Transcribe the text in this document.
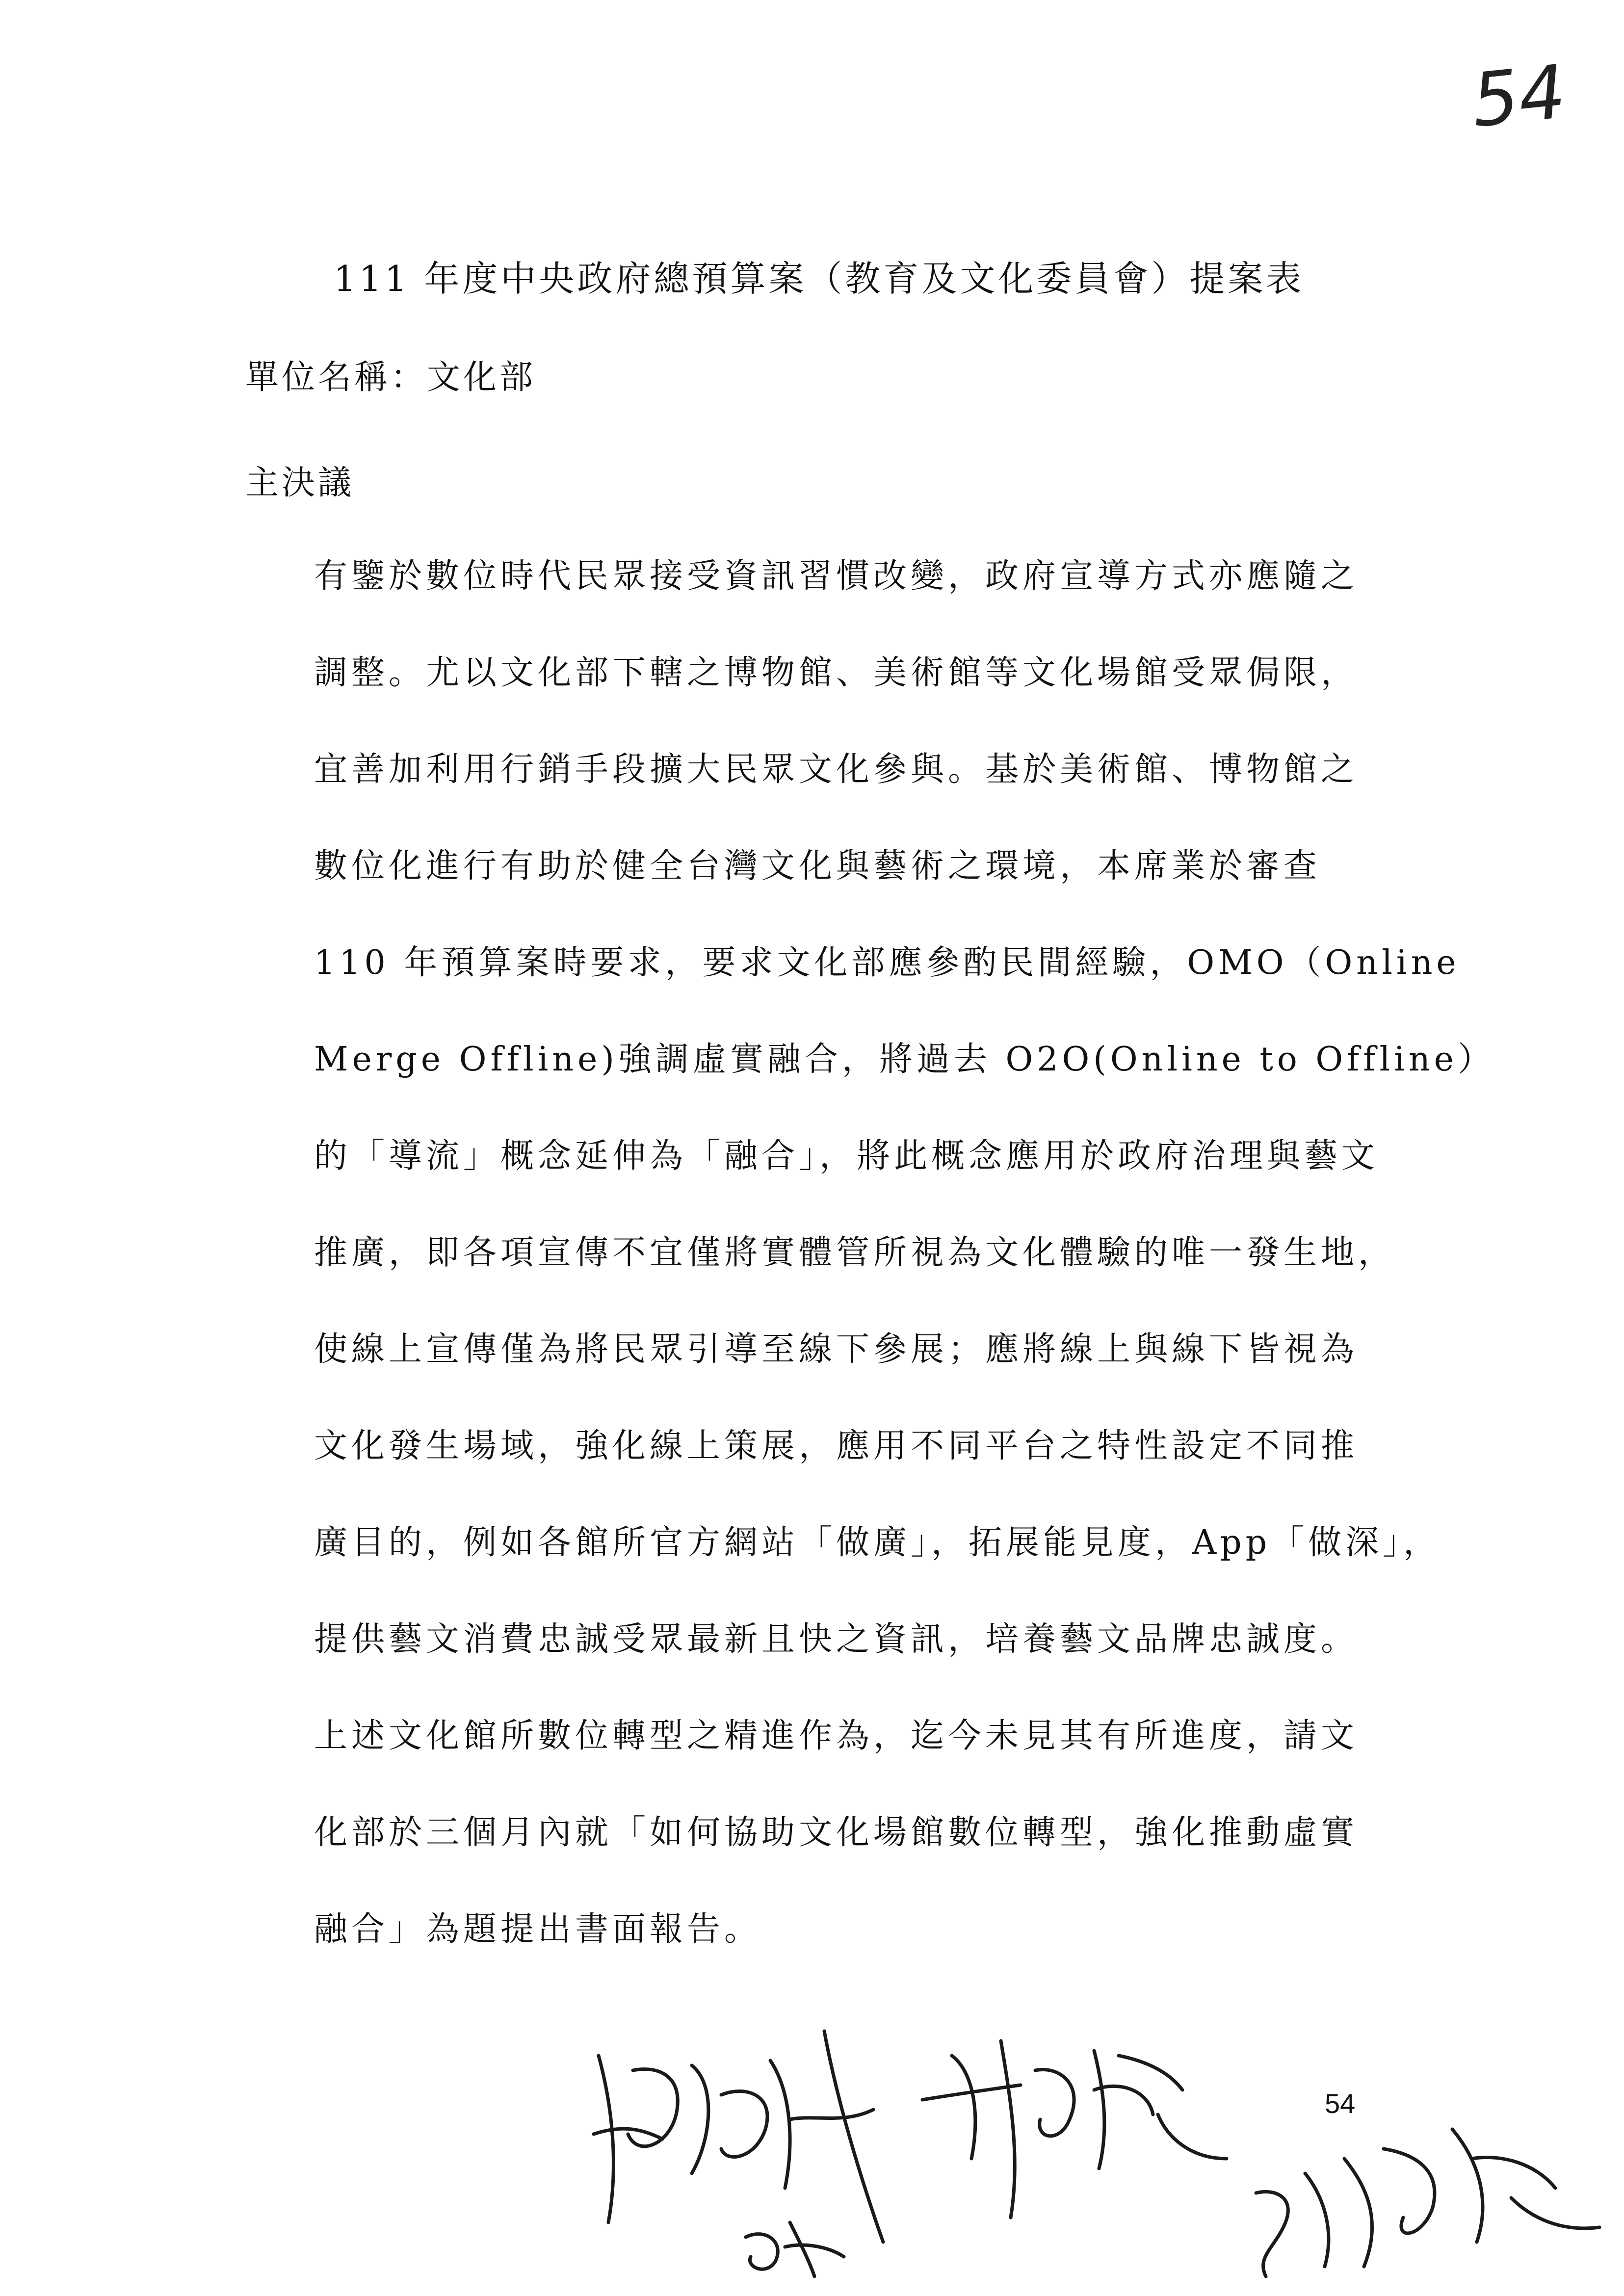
54
111 年度中央政府總預算案（教育及文化委員會）提案表
單位名稱：文化部
主決議
有鑒於數位時代民眾接受資訊習慣改變，政府宣導方式亦應隨之
調整。尤以文化部下轄之博物館、美術館等文化場館受眾侷限，
宜善加利用行銷手段擴大民眾文化參與。基於美術館、博物館之
數位化進行有助於健全台灣文化與藝術之環境，本席業於審查
110 年預算案時要求，要求文化部應參酌民間經驗，OMO（Online
Merge Offline)強調虛實融合，將過去 O2O(Online to Offline）
的「導流」概念延伸為「融合」，將此概念應用於政府治理與藝文
推廣，即各項宣傳不宜僅將實體管所視為文化體驗的唯一發生地，
使線上宣傳僅為將民眾引導至線下參展；應將線上與線下皆視為
文化發生場域，強化線上策展，應用不同平台之特性設定不同推
廣目的，例如各館所官方網站「做廣」，拓展能見度，App「做深」，
提供藝文消費忠誠受眾最新且快之資訊，培養藝文品牌忠誠度。
上述文化館所數位轉型之精進作為，迄今未見其有所進度，請文
化部於三個月內就「如何協助文化場館數位轉型，強化推動虛實
融合」為題提出書面報告。
54
